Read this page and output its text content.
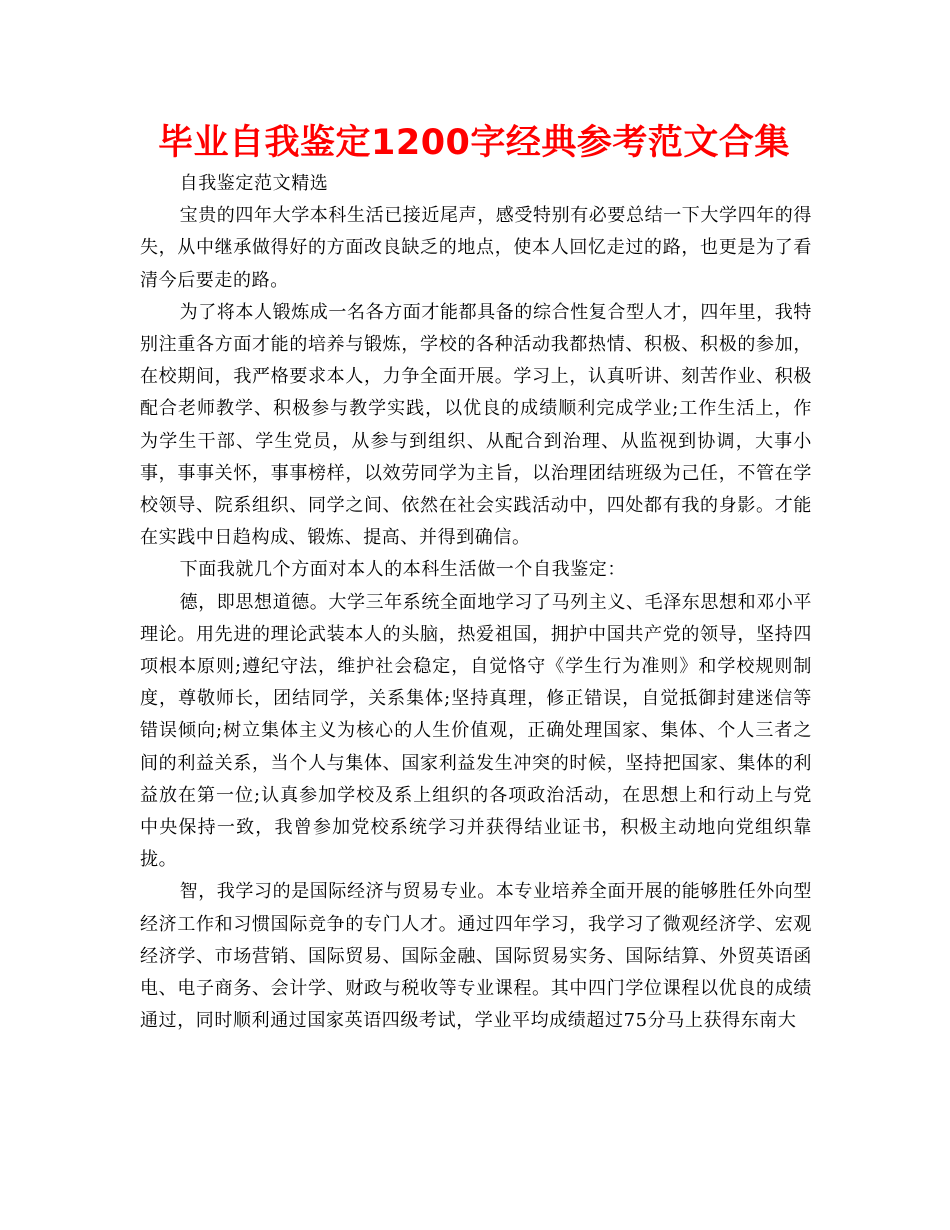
毕业自我鉴定1200字经典参考范文合集

自我鉴定范文精选

宝贵的四年大学本科生活已接近尾声，感受特别有必要总结一下大学四年的得失，从中继承做得好的方面改良缺乏的地点，使本人回忆走过的路，也更是为了看清今后要走的路。

为了将本人锻炼成一名各方面才能都具备的综合性复合型人才，四年里，我特别注重各方面才能的培养与锻炼，学校的各种活动我都热情、积极、积极的参加，在校期间，我严格要求本人，力争全面开展。学习上，认真听讲、刻苦作业、积极配合老师教学、积极参与教学实践，以优良的成绩顺利完成学业;工作生活上，作为学生干部、学生党员，从参与到组织、从配合到治理、从监视到协调，大事小事，事事关怀，事事榜样，以效劳同学为主旨，以治理团结班级为己任，不管在学校领导、院系组织、同学之间、依然在社会实践活动中，四处都有我的身影。才能在实践中日趋构成、锻炼、提高、并得到确信。

下面我就几个方面对本人的本科生活做一个自我鉴定：

德，即思想道德。大学三年系统全面地学习了马列主义、毛泽东思想和邓小平理论。用先进的理论武装本人的头脑，热爱祖国，拥护中国共产党的领导，坚持四项根本原则;遵纪守法，维护社会稳定，自觉恪守《学生行为准则》和学校规则制度，尊敬师长，团结同学，关系集体;坚持真理，修正错误，自觉抵御封建迷信等错误倾向;树立集体主义为核心的人生价值观，正确处理国家、集体、个人三者之间的利益关系，当个人与集体、国家利益发生冲突的时候，坚持把国家、集体的利益放在第一位;认真参加学校及系上组织的各项政治活动，在思想上和行动上与党中央保持一致，我曾参加党校系统学习并获得结业证书，积极主动地向党组织靠拢。

智，我学习的是国际经济与贸易专业。本专业培养全面开展的能够胜任外向型经济工作和习惯国际竞争的专门人才。通过四年学习，我学习了微观经济学、宏观经济学、市场营销、国际贸易、国际金融、国际贸易实务、国际结算、外贸英语函电、电子商务、会计学、财政与税收等专业课程。其中四门学位课程以优良的成绩通过，同时顺利通过国家英语四级考试，学业平均成绩超过75分马上获得东南大
